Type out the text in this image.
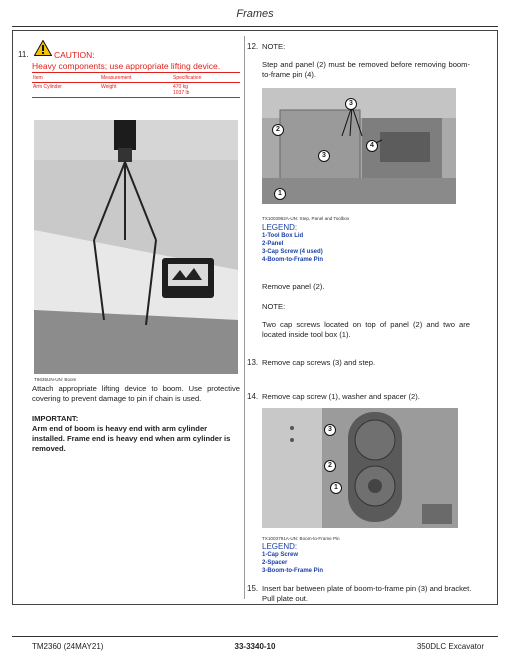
Frames
11.	CAUTION:
Heavy components; use appropriate lifting device.
Item	Measurement	Specification
Arm Cylinder	Weight	470 kg
1037 lb
T6635UN-UN: Boom
Attach appropriate lifting device to boom. Use protective covering to prevent damage to pin if chain is used.
IMPORTANT:
Arm end of boom is heavy end with arm cylinder installed. Frame end is heavy end when arm cylinder is removed.
12. NOTE:
Step and panel (2) must be removed before removing boom-to-frame pin (4).
3
2
4
3
1
TX1003982A-UN: Step, Panel and Toolbox
LEGEND:
1-Tool Box Lid
2-Panel
3-Cap Screw (4 used)
4-Boom-to-Frame Pin
Remove panel (2).
NOTE:
Two cap screws located on top of panel (2) and two are located inside tool box (1).
13. Remove cap screws (3) and step.
14. Remove cap screw (1), washer and spacer (2).
3
2
1
TX1003791A-UN: Boom-to-Frame Pin
LEGEND:
1-Cap Screw
2-Spacer
3-Boom-to-Frame Pin
15. Insert bar between plate of boom-to-frame pin (3) and bracket. Pull plate out.
TM2360 (24MAY21)	33-3340-10	350DLC Excavator
